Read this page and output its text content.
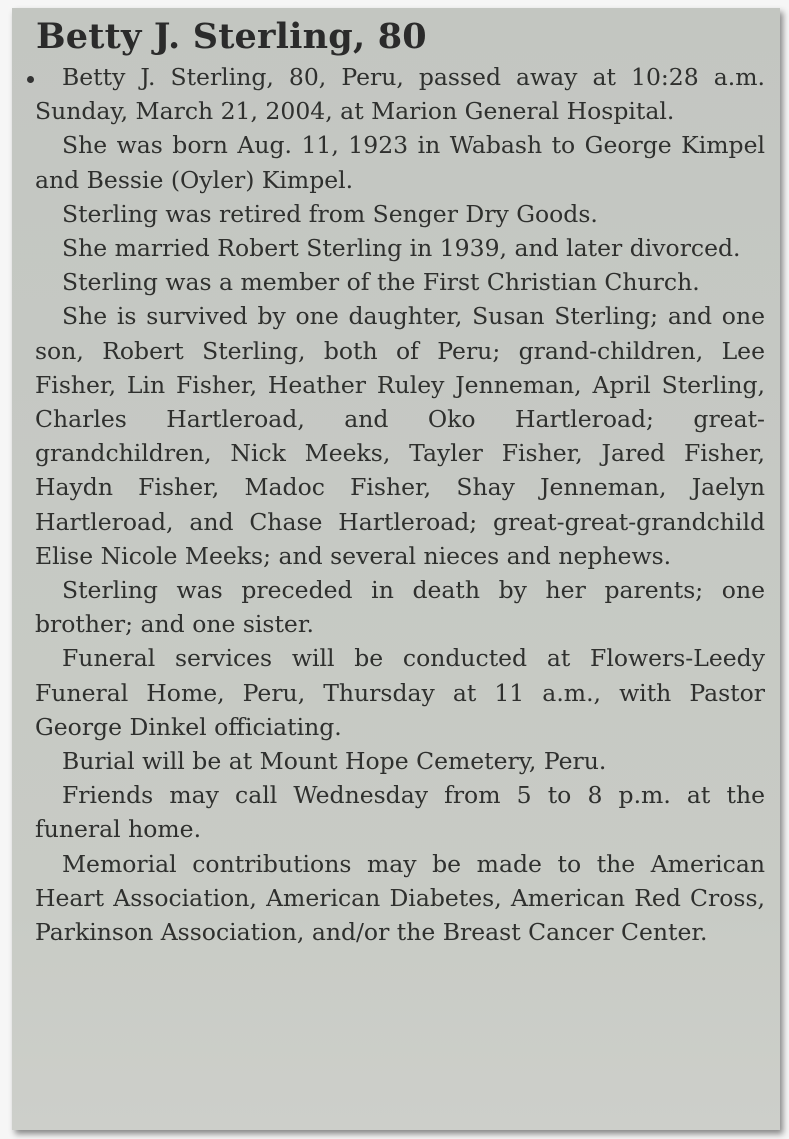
Betty J. Sterling, 80

Betty J. Sterling, 80, Peru, passed away at 10:28 a.m. Sunday, March 21, 2004, at Marion General Hospital.

She was born Aug. 11, 1923 in Wabash to George Kimpel and Bessie (Oyler) Kimpel.

Sterling was retired from Senger Dry Goods.

She married Robert Sterling in 1939, and later divorced.

Sterling was a member of the First Christian Church.

She is survived by one daughter, Susan Sterling; and one son, Robert Sterling, both of Peru; grand-children, Lee Fisher, Lin Fisher, Heather Ruley Jenneman, April Sterling, Charles Hartleroad, and Oko Hartleroad; great-grandchildren, Nick Meeks, Tayler Fisher, Jared Fisher, Haydn Fisher, Madoc Fisher, Shay Jenneman, Jaelyn Hartleroad, and Chase Hartleroad; great-great-grandchild Elise Nicole Meeks; and several nieces and nephews.

Sterling was preceded in death by her parents; one brother; and one sister.

Funeral services will be conducted at Flowers-Leedy Funeral Home, Peru, Thursday at 11 a.m., with Pastor George Dinkel officiating.

Burial will be at Mount Hope Cemetery, Peru.

Friends may call Wednesday from 5 to 8 p.m. at the funeral home.

Memorial contributions may be made to the American Heart Association, American Diabetes, American Red Cross, Parkinson Association, and/or the Breast Cancer Center.
